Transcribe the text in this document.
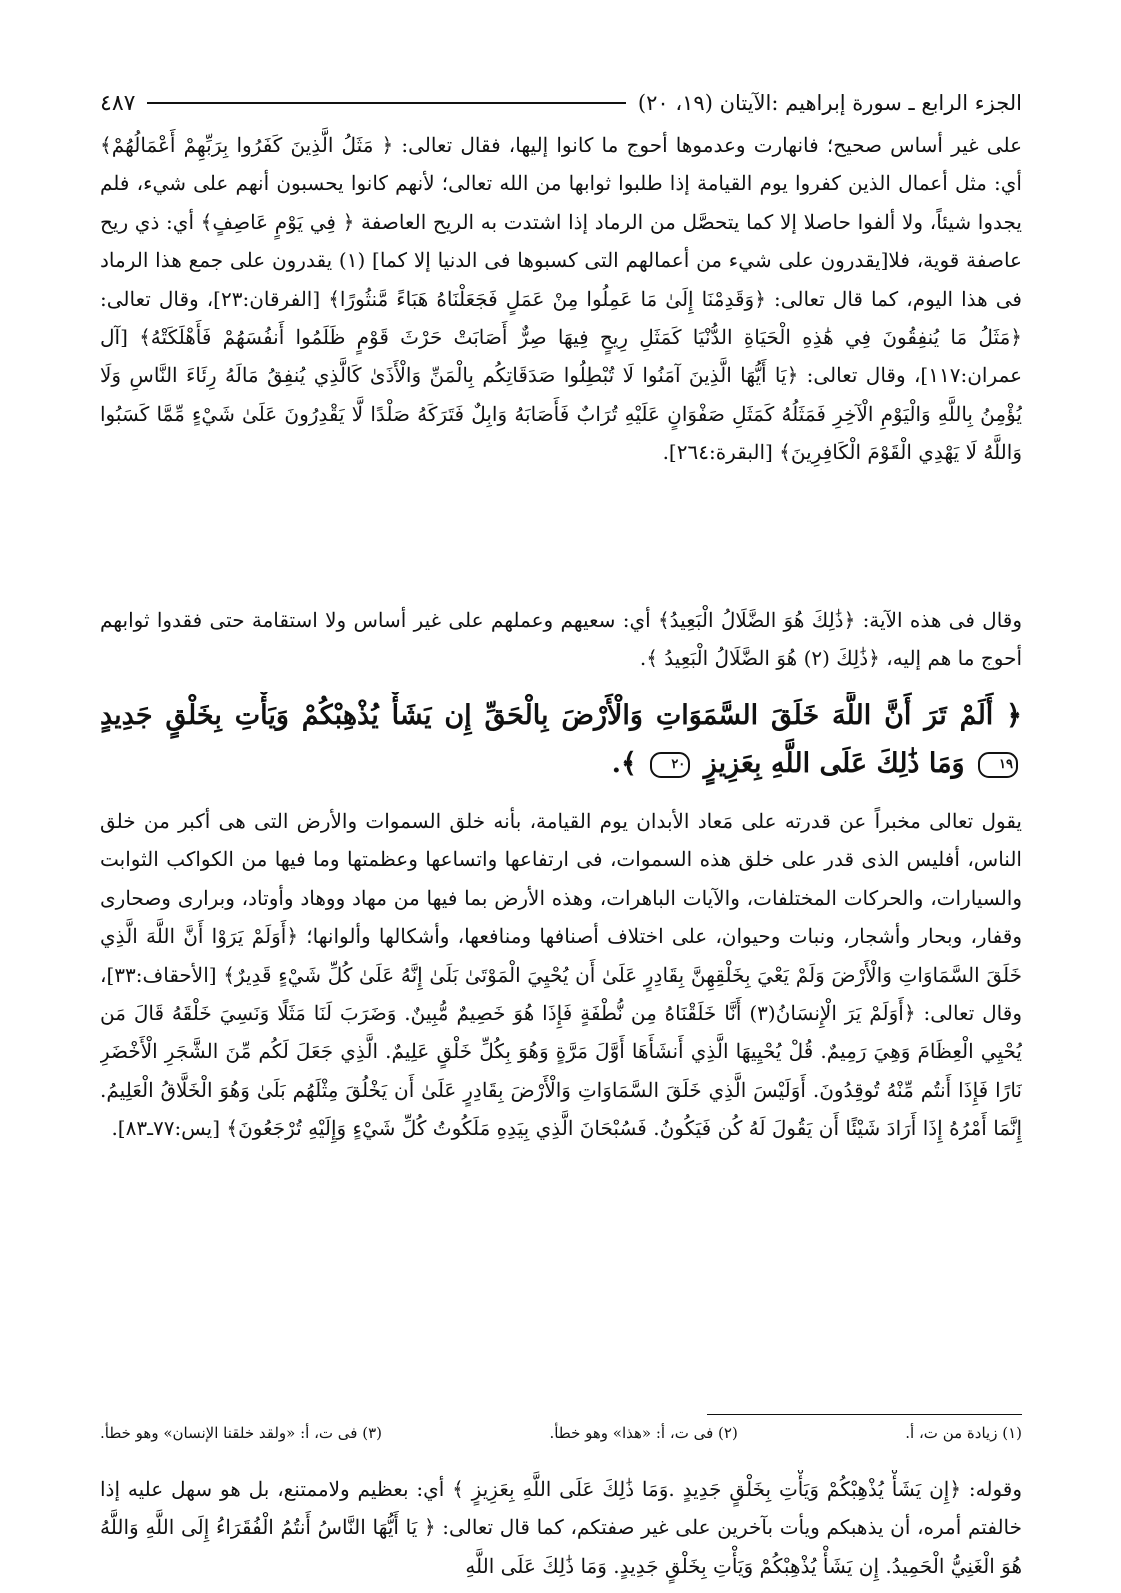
الجزء الرابع ـ سورة إبراهيم :الآيتان (١٩، ٢٠)
٤٨٧

على غير أساس صحيح؛ فانهارت وعدموها أحوج ما كانوا إليها، فقال تعالى: ﴿ مَثَلُ الَّذِينَ كَفَرُوا بِرَبِّهِمْ أَعْمَالُهُمْ﴾ أي: مثل أعمال الذين كفروا يوم القيامة إذا طلبوا ثوابها من الله تعالى؛ لأنهم كانوا يحسبون أنهم على شيء، فلم يجدوا شيئاً، ولا ألفوا حاصلا إلا كما يتحصَّل من الرماد إذا اشتدت به الريح العاصفة ﴿ فِي يَوْمٍ عَاصِفٍ﴾ أي: ذي ريح عاصفة قوية، فلا[يقدرون على شيء من أعمالهم التى كسبوها فى الدنيا إلا كما] (١) يقدرون على جمع هذا الرماد فى هذا اليوم، كما قال تعالى: ﴿وَقَدِمْنَا إِلَىٰ مَا عَمِلُوا مِنْ عَمَلٍ فَجَعَلْنَاهُ هَبَاءً مَّنثُورًا﴾ [الفرقان:٢٣]، وقال تعالى: ﴿مَثَلُ مَا يُنفِقُونَ فِي هَٰذِهِ الْحَيَاةِ الدُّنْيَا كَمَثَلِ رِيحٍ فِيهَا صِرٌّ أَصَابَتْ حَرْثَ قَوْمٍ ظَلَمُوا أَنفُسَهُمْ فَأَهْلَكَتْهُ﴾ [آل عمران:١١٧]، وقال تعالى: ﴿يَا أَيُّهَا الَّذِينَ آمَنُوا لَا تُبْطِلُوا صَدَقَاتِكُم بِالْمَنِّ وَالْأَذَىٰ كَالَّذِي يُنفِقُ مَالَهُ رِئَاءَ النَّاسِ وَلَا يُؤْمِنُ بِاللَّهِ وَالْيَوْمِ الْآخِرِ فَمَثَلُهُ كَمَثَلِ صَفْوَانٍ عَلَيْهِ تُرَابٌ فَأَصَابَهُ وَابِلٌ فَتَرَكَهُ صَلْدًا لَّا يَقْدِرُونَ عَلَىٰ شَيْءٍ مِّمَّا كَسَبُوا وَاللَّهُ لَا يَهْدِي الْقَوْمَ الْكَافِرِينَ﴾ [البقرة:٢٦٤].

وقال فى هذه الآية: ﴿ذَٰلِكَ هُوَ الضَّلَالُ الْبَعِيدُ﴾ أي: سعيهم وعملهم على غير أساس ولا استقامة حتى فقدوا ثوابهم أحوج ما هم إليه، ﴿ذَٰلِكَ (٢) هُوَ الضَّلَالُ الْبَعِيدُ ﴾.

﴿ أَلَمْ تَرَ أَنَّ اللَّهَ خَلَقَ السَّمَوَاتِ وَالْأَرْضَ بِالْحَقِّ إِن يَشَأْ يُذْهِبْكُمْ وَيَأْتِ بِخَلْقٍ جَدِيدٍ ١٩ وَمَا ذَٰلِكَ عَلَى اللَّهِ بِعَزِيزٍ ٢٠ ﴾.

يقول تعالى مخبراً عن قدرته على مَعاد الأبدان يوم القيامة، بأنه خلق السموات والأرض التى هى أكبر من خلق الناس، أفليس الذى قدر على خلق هذه السموات، فى ارتفاعها واتساعها وعظمتها وما فيها من الكواكب الثوابت والسيارات، والحركات المختلفات، والآيات الباهرات، وهذه الأرض بما فيها من مهاد ووهاد وأوتاد، وبرارى وصحارى وقفار، وبحار وأشجار، ونبات وحيوان، على اختلاف أصنافها ومنافعها، وأشكالها وألوانها؛ ﴿أَوَلَمْ يَرَوْا أَنَّ اللَّهَ الَّذِي خَلَقَ السَّمَاوَاتِ وَالْأَرْضَ وَلَمْ يَعْيَ بِخَلْقِهِنَّ بِقَادِرٍ عَلَىٰ أَن يُحْيِيَ الْمَوْتَىٰ بَلَىٰ إِنَّهُ عَلَىٰ كُلِّ شَيْءٍ قَدِيرٌ﴾ [الأحقاف:٣٣]، وقال تعالى: ﴿أَوَلَمْ يَرَ الْإِنسَانُ(٣) أَنَّا خَلَقْنَاهُ مِن نُّطْفَةٍ فَإِذَا هُوَ خَصِيمٌ مُّبِينٌ. وَضَرَبَ لَنَا مَثَلًا وَنَسِيَ خَلْقَهُ قَالَ مَن يُحْيِي الْعِظَامَ وَهِيَ رَمِيمٌ. قُلْ يُحْيِيهَا الَّذِي أَنشَأَهَا أَوَّلَ مَرَّةٍ وَهُوَ بِكُلِّ خَلْقٍ عَلِيمٌ. الَّذِي جَعَلَ لَكُم مِّنَ الشَّجَرِ الْأَخْضَرِ نَارًا فَإِذَا أَنتُم مِّنْهُ تُوقِدُونَ. أَوَلَيْسَ الَّذِي خَلَقَ السَّمَاوَاتِ وَالْأَرْضَ بِقَادِرٍ عَلَىٰ أَن يَخْلُقَ مِثْلَهُم بَلَىٰ وَهُوَ الْخَلَّاقُ الْعَلِيمُ. إِنَّمَا أَمْرُهُ إِذَا أَرَادَ شَيْئًا أَن يَقُولَ لَهُ كُن فَيَكُونُ. فَسُبْحَانَ الَّذِي بِيَدِهِ مَلَكُوتُ كُلِّ شَيْءٍ وَإِلَيْهِ تُرْجَعُونَ﴾ [يس:٧٧ـ٨٣].

وقوله: ﴿إِن يَشَأْ يُذْهِبْكُمْ وَيَأْتِ بِخَلْقٍ جَدِيدٍ .وَمَا ذَٰلِكَ عَلَى اللَّهِ بِعَزِيزٍ ﴾ أي: بعظيم ولاممتنع، بل هو سهل عليه إذا خالفتم أمره، أن يذهبكم ويأت بآخرين على غير صفتكم، كما قال تعالى: ﴿ يَا أَيُّهَا النَّاسُ أَنتُمُ الْفُقَرَاءُ إِلَى اللَّهِ وَاللَّهُ هُوَ الْغَنِيُّ الْحَمِيدُ. إِن يَشَأْ يُذْهِبْكُمْ وَيَأْتِ بِخَلْقٍ جَدِيدٍ. وَمَا ذَٰلِكَ عَلَى اللَّهِ

(١) زيادة من ت، أ.
(٢) فى ت، أ: «هذا» وهو خطأ.
(٣) فى ت، أ: «ولقد خلقنا الإنسان» وهو خطأ.
